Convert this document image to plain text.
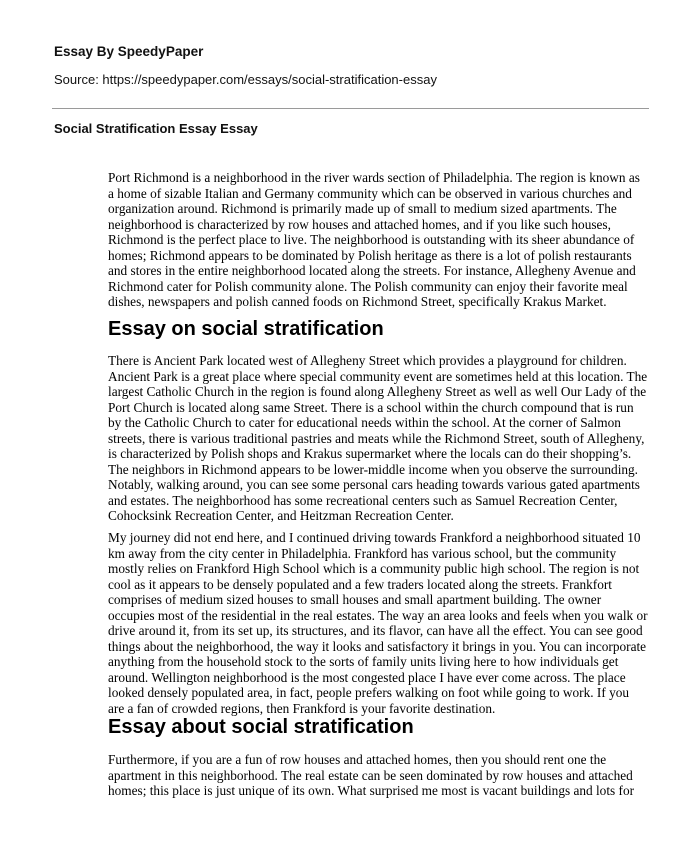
Essay By SpeedyPaper
Source: https://speedypaper.com/essays/social-stratification-essay
Social Stratification Essay Essay

Port Richmond is a neighborhood in the river wards section of Philadelphia. The region is known as a home of sizable Italian and Germany community which can be observed in various churches and organization around. Richmond is primarily made up of small to medium sized apartments. The neighborhood is characterized by row houses and attached homes, and if you like such houses, Richmond is the perfect place to live. The neighborhood is outstanding with its sheer abundance of homes; Richmond appears to be dominated by Polish heritage as there is a lot of polish restaurants and stores in the entire neighborhood located along the streets. For instance, Allegheny Avenue and Richmond cater for Polish community alone. The Polish community can enjoy their favorite meal dishes, newspapers and polish canned foods on Richmond Street, specifically Krakus Market.

Essay on social stratification

There is Ancient Park located west of Allegheny Street which provides a playground for children. Ancient Park is a great place where special community event are sometimes held at this location. The largest Catholic Church in the region is found along Allegheny Street as well as well Our Lady of the Port Church is located along same Street. There is a school within the church compound that is run by the Catholic Church to cater for educational needs within the school. At the corner of Salmon streets, there is various traditional pastries and meats while the Richmond Street, south of Allegheny, is characterized by Polish shops and Krakus supermarket where the locals can do their shopping’s. The neighbors in Richmond appears to be lower-middle income when you observe the surrounding. Notably, walking around, you can see some personal cars heading towards various gated apartments and estates. The neighborhood has some recreational centers such as Samuel Recreation Center, Cohocksink Recreation Center, and Heitzman Recreation Center.

My journey did not end here, and I continued driving towards Frankford a neighborhood situated 10 km away from the city center in Philadelphia. Frankford has various school, but the community mostly relies on Frankford High School which is a community public high school. The region is not cool as it appears to be densely populated and a few traders located along the streets. Frankfort comprises of medium sized houses to small houses and small apartment building. The owner occupies most of the residential in the real estates. The way an area looks and feels when you walk or drive around it, from its set up, its structures, and its flavor, can have all the effect. You can see good things about the neighborhood, the way it looks and satisfactory it brings in you. You can incorporate anything from the household stock to the sorts of family units living here to how individuals get around. Wellington neighborhood is the most congested place I have ever come across. The place looked densely populated area, in fact, people prefers walking on foot while going to work. If you are a fan of crowded regions, then Frankford is your favorite destination.

Essay about social stratification

Furthermore, if you are a fun of row houses and attached homes, then you should rent one the apartment in this neighborhood. The real estate can be seen dominated by row houses and attached homes; this place is just unique of its own. What surprised me most is vacant buildings and lots for
